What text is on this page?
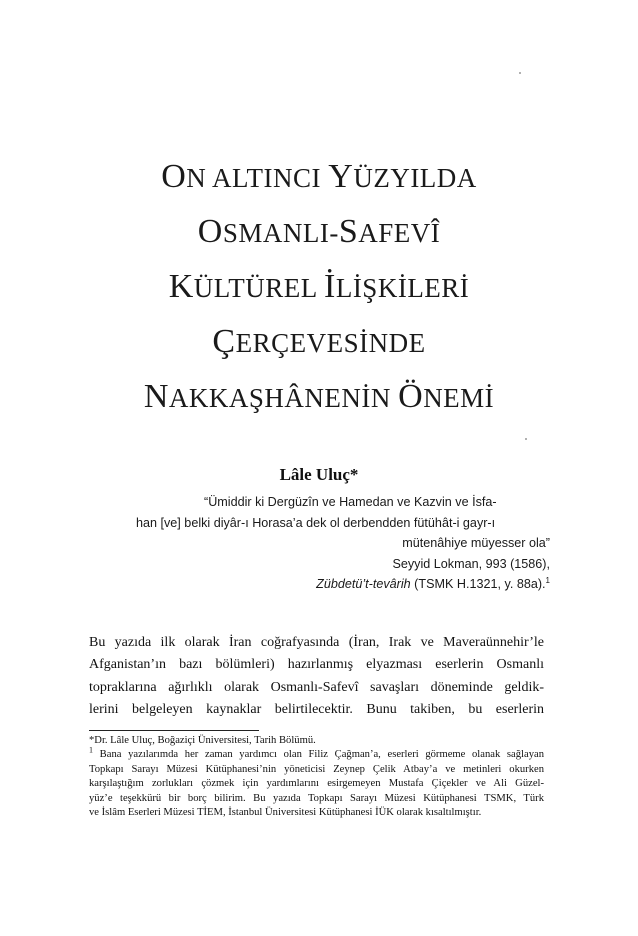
ON ALTINCI YÜZYILDA
OSMANLI-SAFEVÎ
KÜLTÜREL İLİŞKİLERİ
ÇERÇEVESİNDE
NAKKAŞHÂNENİN ÖNEMİ
Lâle Uluç*
“Ümiddir ki Dergüzîn ve Hamedan ve Kazvin ve İsfa-
han [ve] belki diyâr-ı Horasa’a dek ol derbendden fütühât-i gayr-ı
mütenâhiye müyesser ola”
Seyyid Lokman, 993 (1586),
Zübdetü’t-tevârih (TSMK H.1321, y. 88a).$^1$
Bu yazıda ilk olarak İran coğrafyasında (İran, Irak ve Maveraünnehir’le
Afganistan’ın bazı bölümleri) hazırlanmış elyazması eserlerin Osmanlı
topraklarına ağırlıklı olarak Osmanlı-Safevî savaşları döneminde geldik-
lerini belgeleyen kaynaklar belirtilecektir. Bunu takiben, bu eserlerin
*Dr. Lâle Uluç, Boğaziçi Üniversitesi, Tarih Bölümü.
$^1$ Bana yazılarımda her zaman yardımcı olan Filiz Çağman’a, eserleri görmeme olanak sağlayan
Topkapı Sarayı Müzesi Kütüphanesi’nin yöneticisi Zeynep Çelik Atbay’a ve metinleri okurken
karşılaştığım zorlukları çözmek için yardımlarını esirgemeyen Mustafa Çiçekler ve Ali Güzel-
yüz’e teşekkürü bir borç bilirim. Bu yazıda Topkapı Sarayı Müzesi Kütüphanesi TSMK, Türk
ve İslâm Eserleri Müzesi TİEM, İstanbul Üniversitesi Kütüphanesi İÜK olarak kısaltılmıştır.
